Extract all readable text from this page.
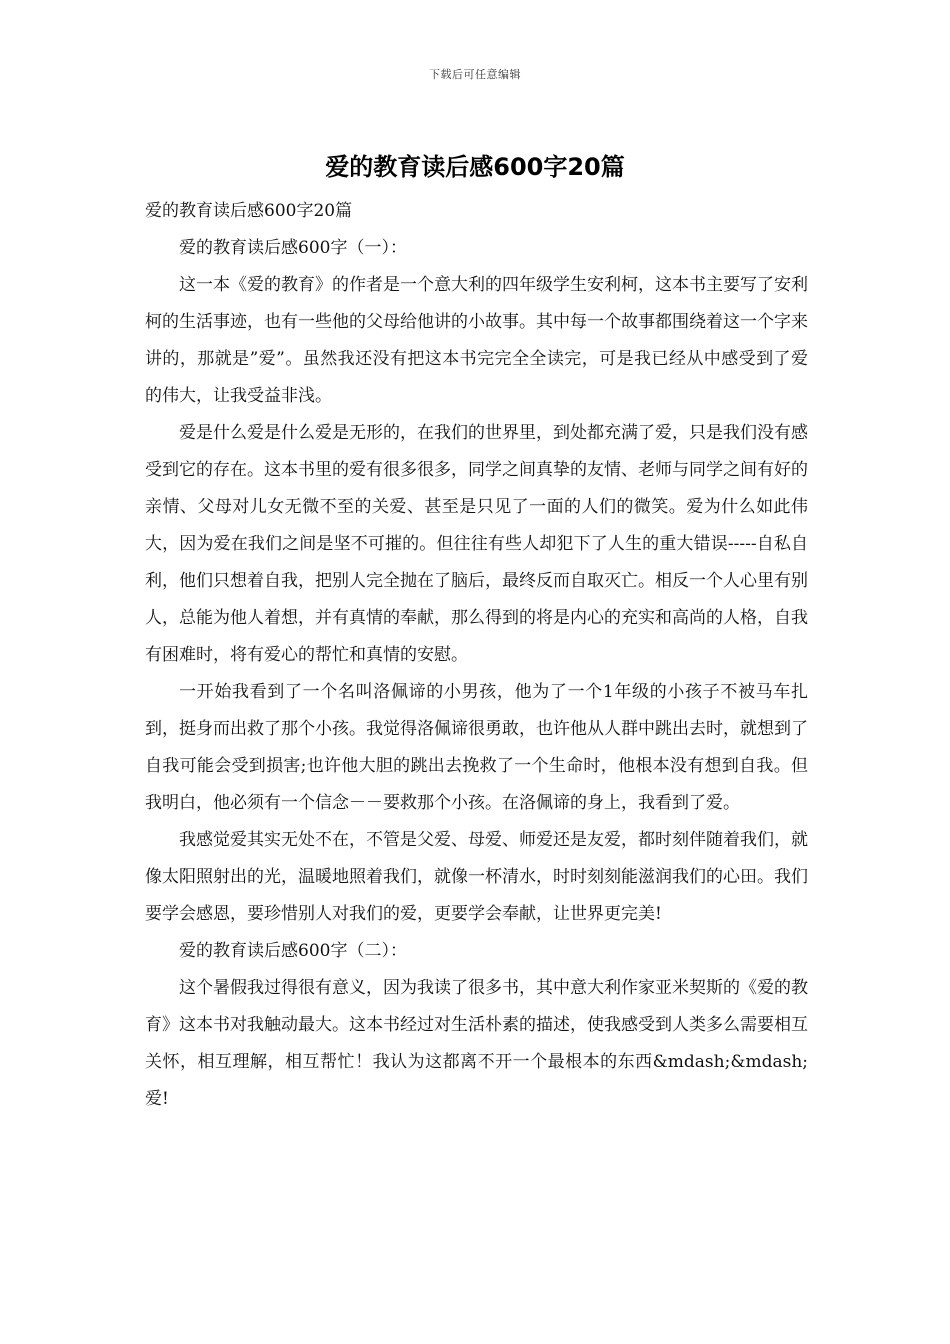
下载后可任意编辑
爱的教育读后感600字20篇

爱的教育读后感600字20篇

爱的教育读后感600字（一）：

这一本《爱的教育》的作者是一个意大利的四年级学生安利柯，这本书主要写了安利柯的生活事迹，也有一些他的父母给他讲的小故事。其中每一个故事都围绕着这一个字来讲的，那就是”爱”。虽然我还没有把这本书完完全全读完，可是我已经从中感受到了爱的伟大，让我受益非浅。

爱是什么爱是什么爱是无形的，在我们的世界里，到处都充满了爱，只是我们没有感受到它的存在。这本书里的爱有很多很多，同学之间真挚的友情、老师与同学之间有好的亲情、父母对儿女无微不至的关爱、甚至是只见了一面的人们的微笑。爱为什么如此伟大，因为爱在我们之间是坚不可摧的。但往往有些人却犯下了人生的重大错误-----自私自利，他们只想着自我，把别人完全抛在了脑后，最终反而自取灭亡。相反一个人心里有别人，总能为他人着想，并有真情的奉献，那么得到的将是内心的充实和高尚的人格，自我有困难时，将有爱心的帮忙和真情的安慰。

一开始我看到了一个名叫洛佩谛的小男孩，他为了一个1年级的小孩子不被马车扎到，挺身而出救了那个小孩。我觉得洛佩谛很勇敢，也许他从人群中跳出去时，就想到了自我可能会受到损害;也许他大胆的跳出去挽救了一个生命时，他根本没有想到自我。但我明白，他必须有一个信念－－要救那个小孩。在洛佩谛的身上，我看到了爱。

我感觉爱其实无处不在，不管是父爱、母爱、师爱还是友爱，都时刻伴随着我们，就像太阳照射出的光，温暖地照着我们，就像一杯清水，时时刻刻能滋润我们的心田。我们要学会感恩，要珍惜别人对我们的爱，更要学会奉献，让世界更完美!

爱的教育读后感600字（二）：

这个暑假我过得很有意义，因为我读了很多书，其中意大利作家亚米契斯的《爱的教育》这本书对我触动最大。这本书经过对生活朴素的描述，使我感受到人类多么需要相互关怀，相互理解，相互帮忙！我认为这都离不开一个最根本的东西&mdash;&mdash;爱!
